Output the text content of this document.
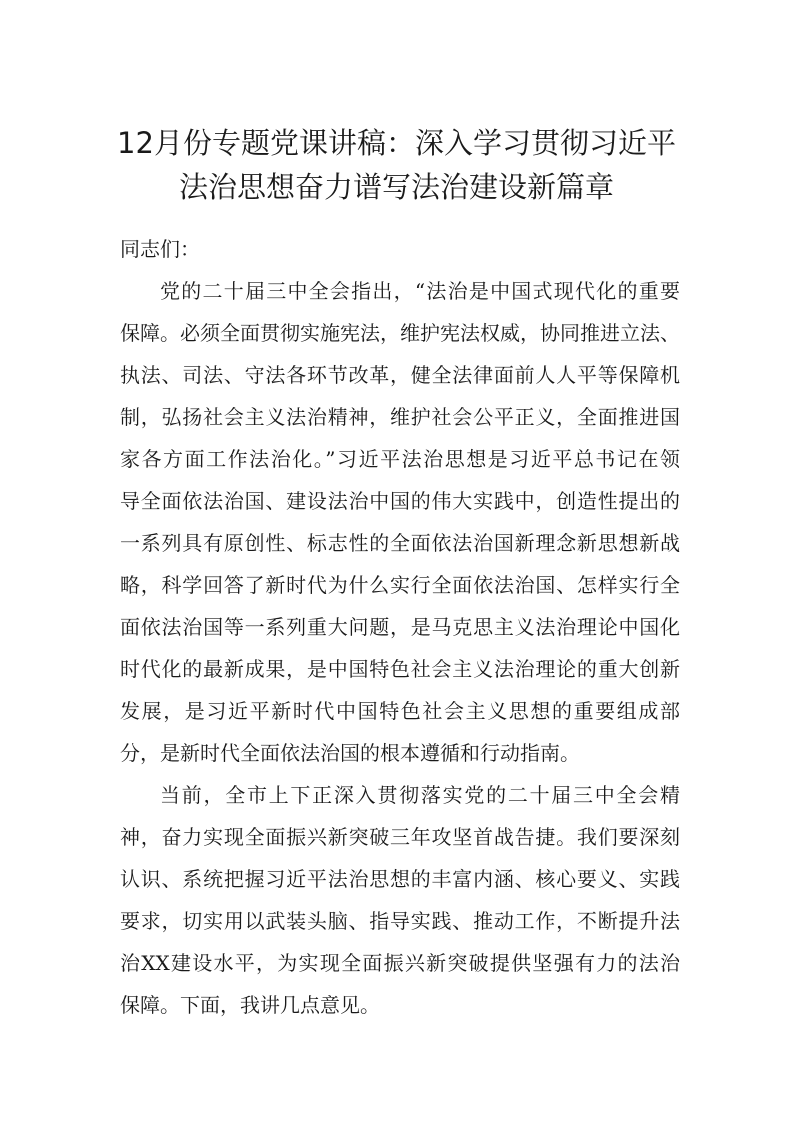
12月份专题党课讲稿：深入学习贯彻习近平
法治思想奋力谱写法治建设新篇章
同志们：
党的二十届三中全会指出，“法治是中国式现代化的重要
保障。必须全面贯彻实施宪法，维护宪法权威，协同推进立法、
执法、司法、守法各环节改革，健全法律面前人人平等保障机
制，弘扬社会主义法治精神，维护社会公平正义，全面推进国
家各方面工作法治化。”习近平法治思想是习近平总书记在领
导全面依法治国、建设法治中国的伟大实践中，创造性提出的
一系列具有原创性、标志性的全面依法治国新理念新思想新战
略，科学回答了新时代为什么实行全面依法治国、怎样实行全
面依法治国等一系列重大问题，是马克思主义法治理论中国化
时代化的最新成果，是中国特色社会主义法治理论的重大创新
发展，是习近平新时代中国特色社会主义思想的重要组成部
分，是新时代全面依法治国的根本遵循和行动指南。
当前，全市上下正深入贯彻落实党的二十届三中全会精
神，奋力实现全面振兴新突破三年攻坚首战告捷。我们要深刻
认识、系统把握习近平法治思想的丰富内涵、核心要义、实践
要求，切实用以武装头脑、指导实践、推动工作，不断提升法
治XX建设水平，为实现全面振兴新突破提供坚强有力的法治
保障。下面，我讲几点意见。
